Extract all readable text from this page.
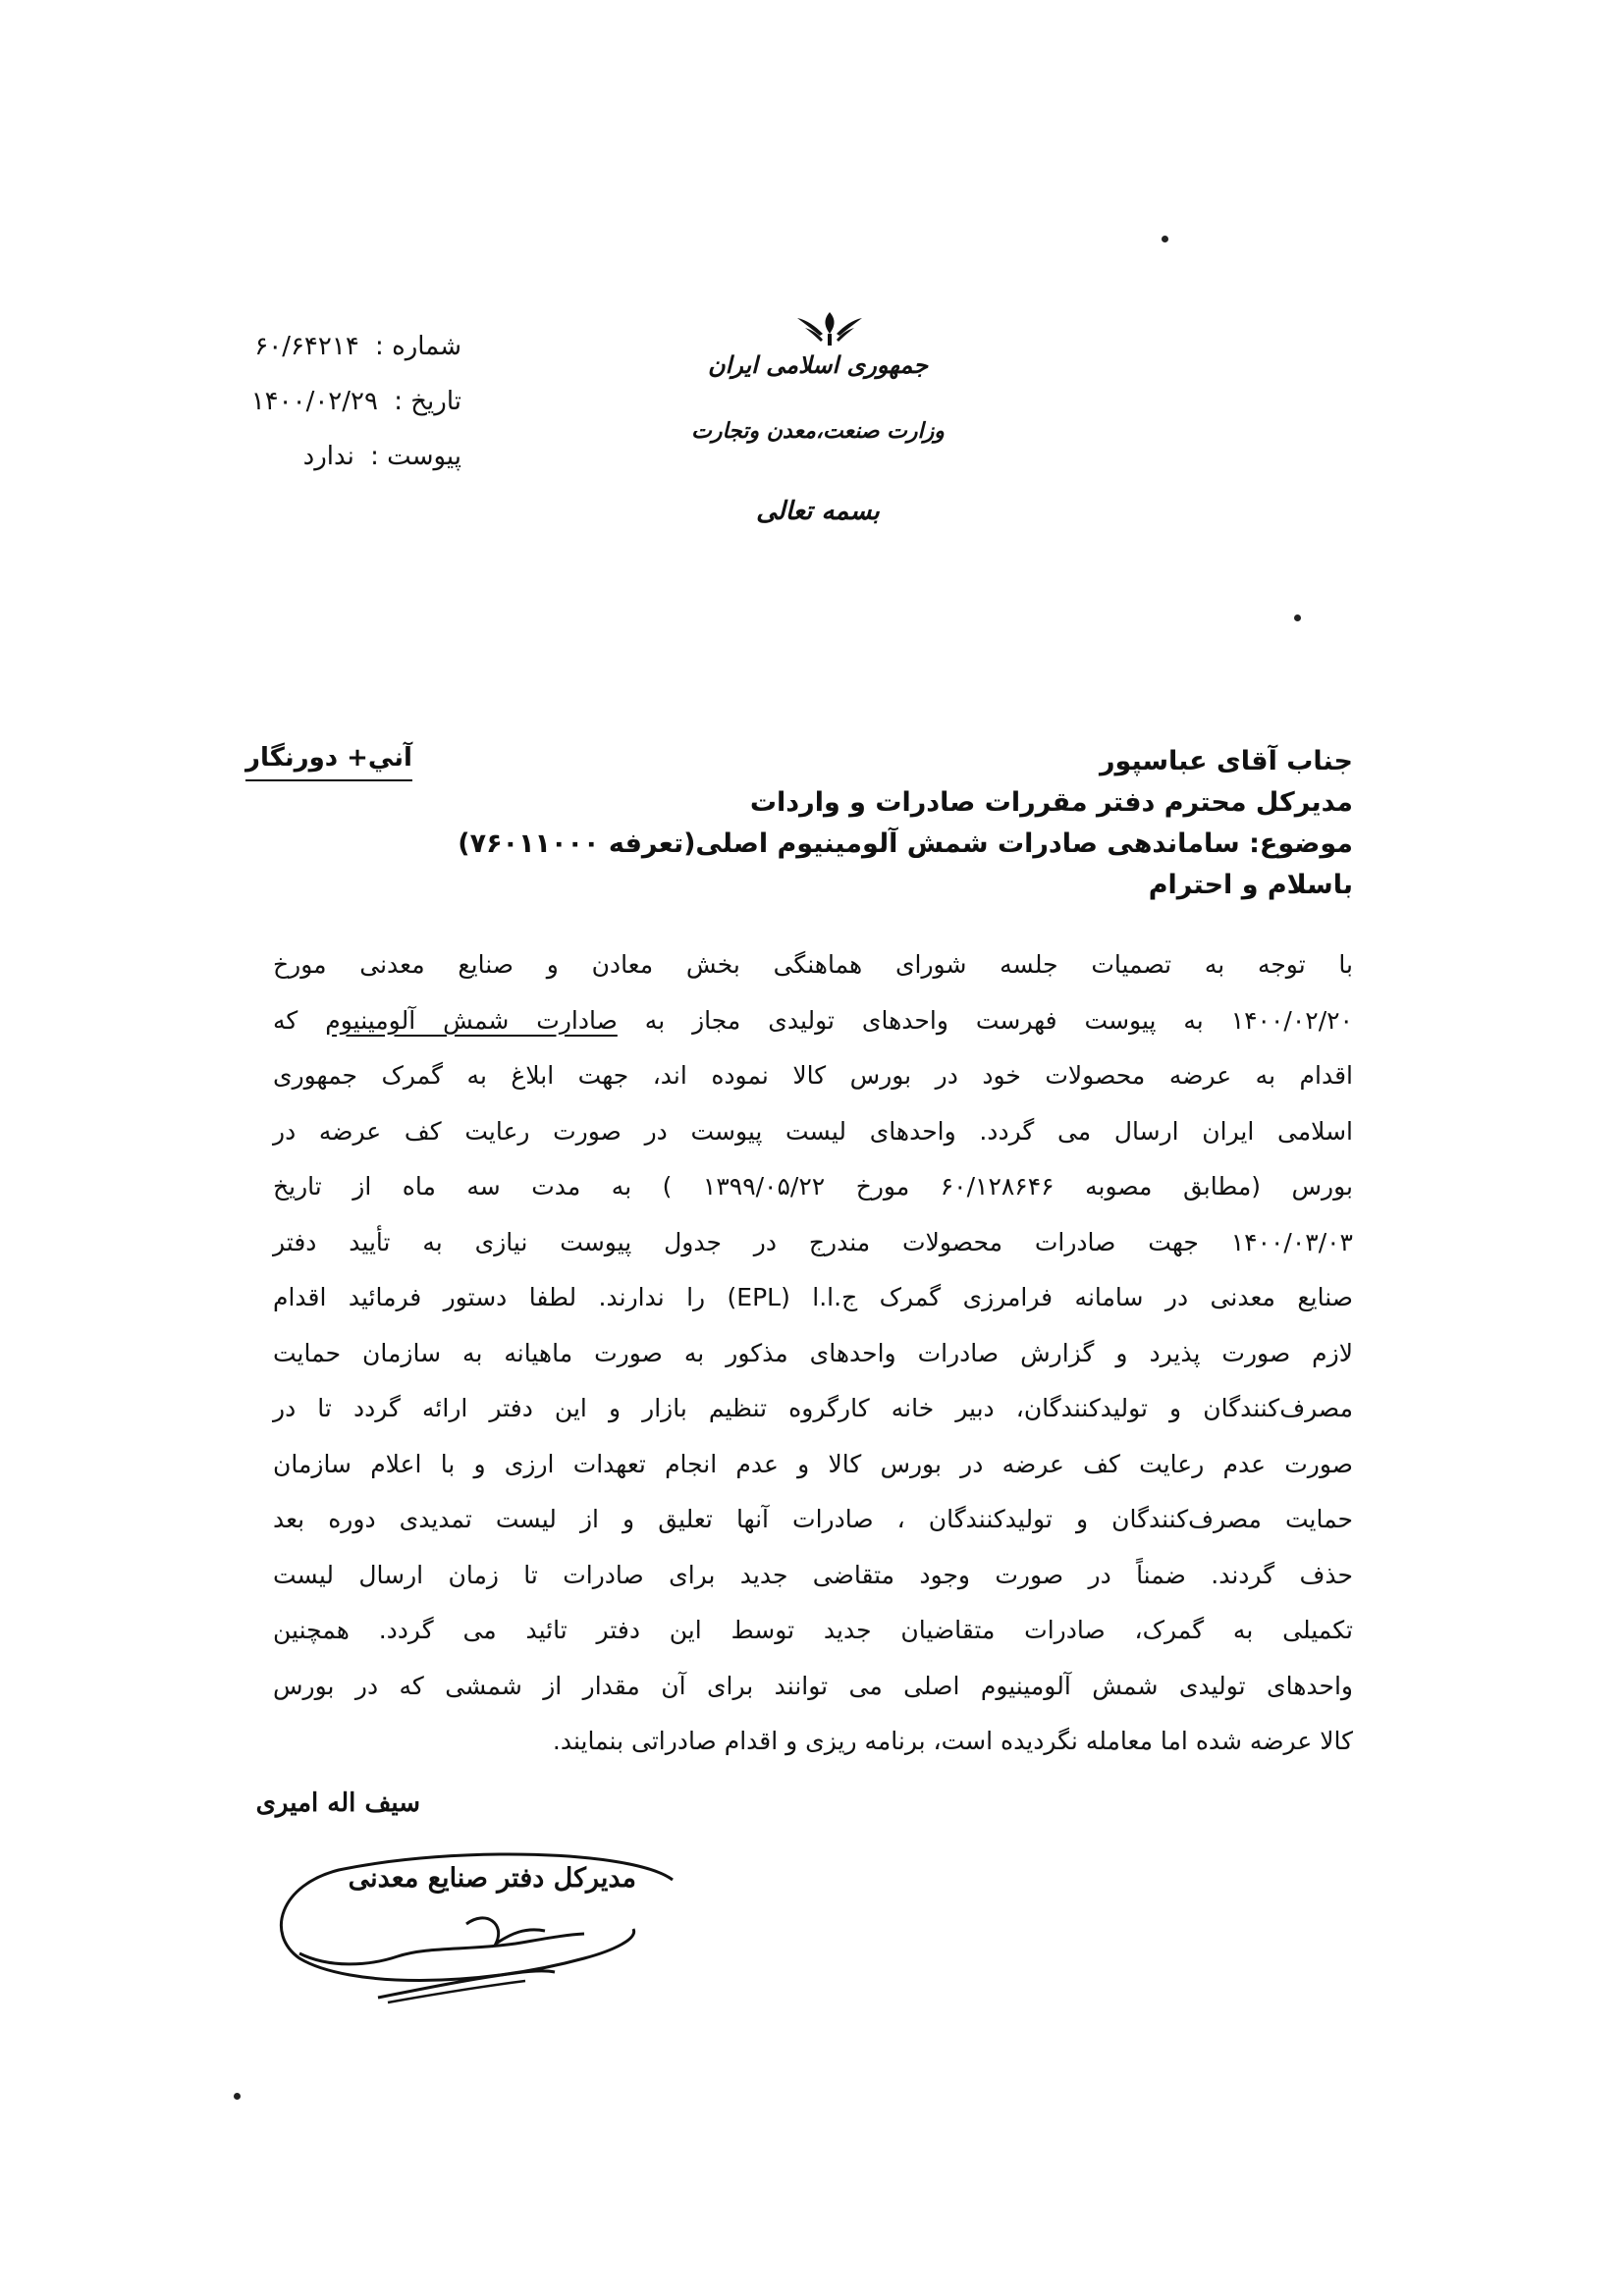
جمهوری اسلامی ایران
وزارت صنعت،معدن وتجارت
بسمه تعالی
شماره : ۶۰/۶۴۲۱۴
تاریخ : ۱۴۰۰/۰۲/۲۹
پیوست : ندارد
آني+ دورنگار	جناب آقای عباسپور
مدیرکل محترم دفتر مقررات صادرات و واردات
موضوع: ساماندهی صادرات شمش آلومینیوم اصلی(تعرفه ۷۶۰۱۱۰۰۰)
باسلام و احترام
با توجه به تصمیات جلسه شورای هماهنگی بخش معادن و صنایع معدنی مورخ
۱۴۰۰/۰۲/۲۰ به پیوست فهرست واحدهای تولیدی مجاز به صادارت شمش آلومینیوم که
اقدام به عرضه محصولات خود در بورس کالا نموده اند، جهت ابلاغ به گمرک جمهوری
اسلامی ایران ارسال می گردد. واحدهای لیست پیوست در صورت رعایت کف عرضه در
بورس (مطابق مصوبه ۶۰/۱۲۸۶۴۶ مورخ ۱۳۹۹/۰۵/۲۲ ) به مدت سه ماه از تاریخ
۱۴۰۰/۰۳/۰۳ جهت صادرات محصولات مندرج در جدول پیوست نیازی به تأیید دفتر
صنایع معدنی در سامانه فرامرزی گمرک ج.ا.ا (EPL) را ندارند. لطفا دستور فرمائید اقدام
لازم صورت پذیرد و گزارش صادرات واحدهای مذکور به صورت ماهیانه به سازمان حمایت
مصرف‌کنندگان و تولیدکنندگان، دبیر خانه کارگروه تنظیم بازار و این دفتر ارائه گردد تا در
صورت عدم رعایت کف عرضه در بورس کالا و عدم انجام تعهدات ارزی و با اعلام سازمان
حمایت مصرف‌کنندگان و تولیدکنندگان ، صادرات آنها تعلیق و از لیست تمدیدی دوره بعد
حذف گردند. ضمناً در صورت وجود متقاضی جدید برای صادرات تا زمان ارسال لیست
تکمیلی به گمرک، صادرات متقاضیان جدید توسط این دفتر تائید می گردد. همچنین
واحدهای تولیدی شمش آلومینیوم اصلی می توانند برای آن مقدار از شمشی که در بورس
کالا عرضه شده اما معامله نگردیده است، برنامه ریزی و اقدام صادراتی بنمایند.
سیف اله امیری
مدیرکل دفتر صنایع معدنی
